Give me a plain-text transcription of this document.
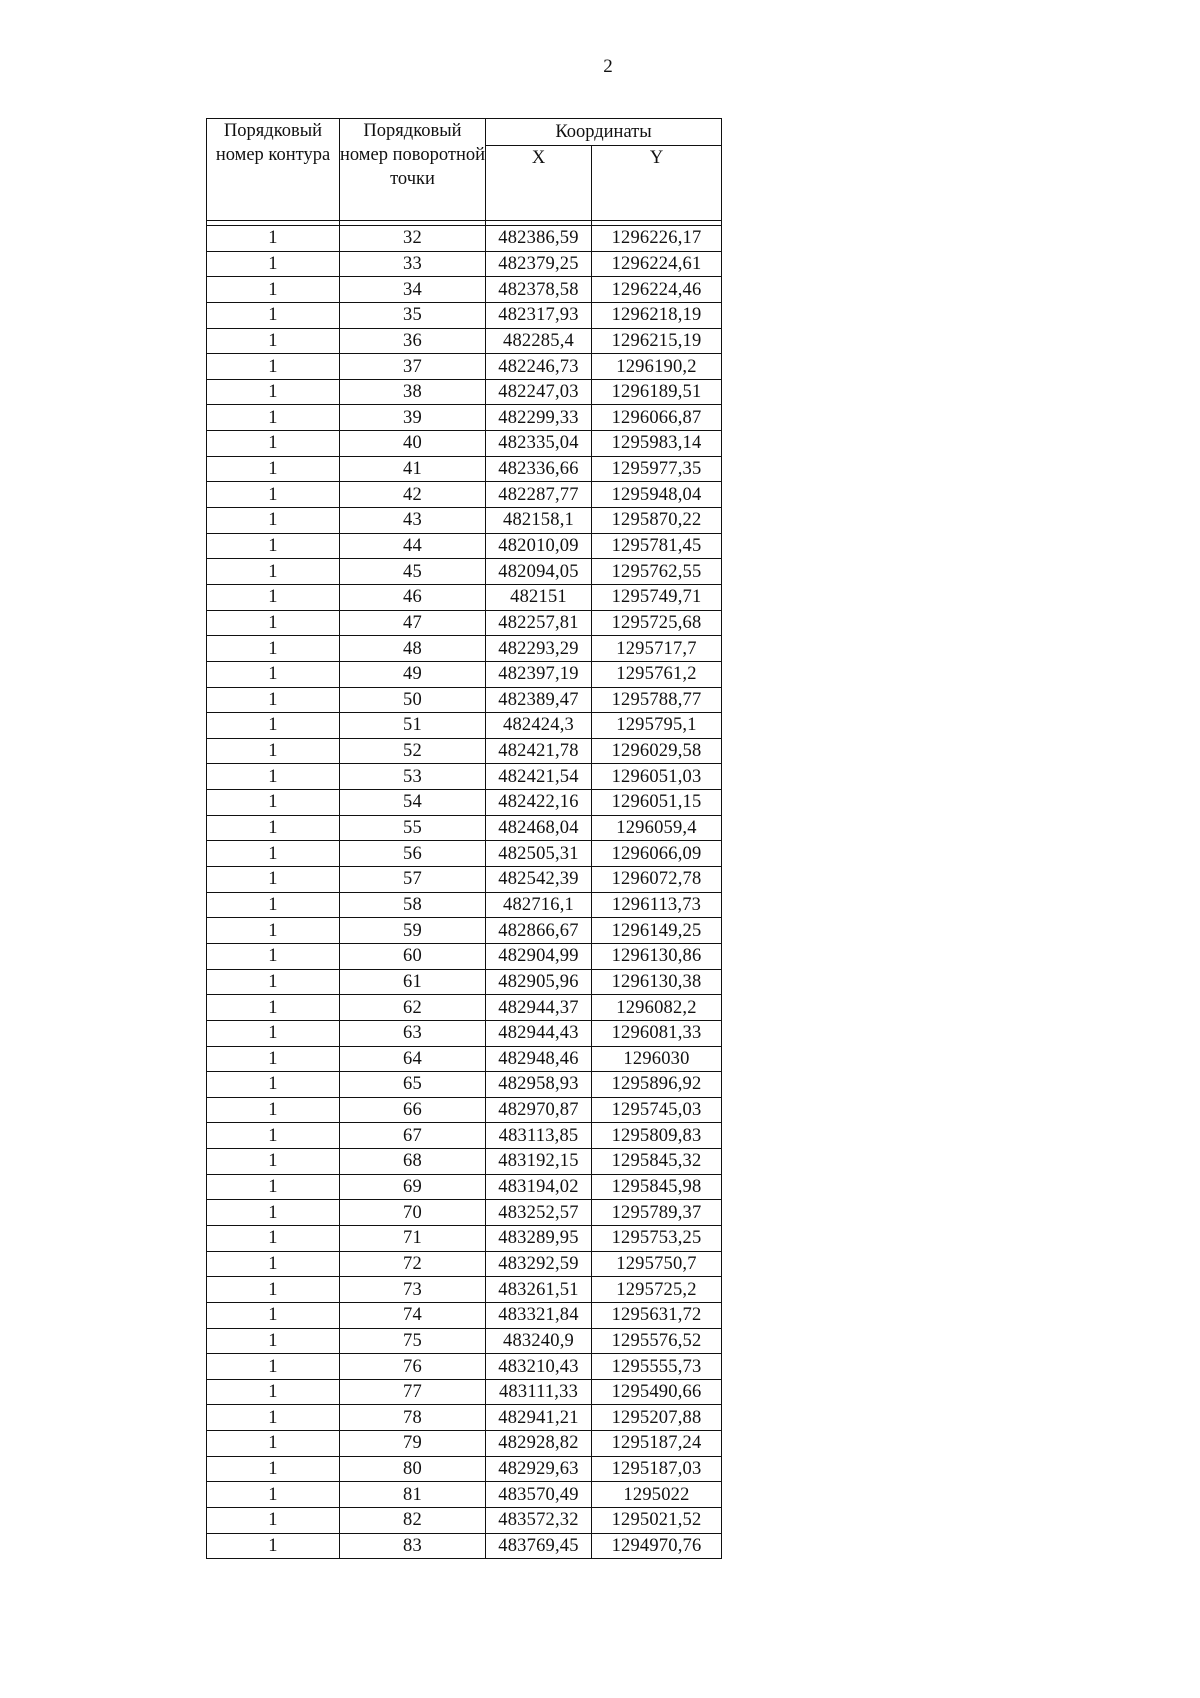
2
Порядковый номер контура	Порядковый номер поворотной точки	Координаты	
		X	Y

1	32	482386,59	1296226,17
1	33	482379,25	1296224,61
1	34	482378,58	1296224,46
1	35	482317,93	1296218,19
1	36	482285,4	1296215,19
1	37	482246,73	1296190,2
1	38	482247,03	1296189,51
1	39	482299,33	1296066,87
1	40	482335,04	1295983,14
1	41	482336,66	1295977,35
1	42	482287,77	1295948,04
1	43	482158,1	1295870,22
1	44	482010,09	1295781,45
1	45	482094,05	1295762,55
1	46	482151	1295749,71
1	47	482257,81	1295725,68
1	48	482293,29	1295717,7
1	49	482397,19	1295761,2
1	50	482389,47	1295788,77
1	51	482424,3	1295795,1
1	52	482421,78	1296029,58
1	53	482421,54	1296051,03
1	54	482422,16	1296051,15
1	55	482468,04	1296059,4
1	56	482505,31	1296066,09
1	57	482542,39	1296072,78
1	58	482716,1	1296113,73
1	59	482866,67	1296149,25
1	60	482904,99	1296130,86
1	61	482905,96	1296130,38
1	62	482944,37	1296082,2
1	63	482944,43	1296081,33
1	64	482948,46	1296030
1	65	482958,93	1295896,92
1	66	482970,87	1295745,03
1	67	483113,85	1295809,83
1	68	483192,15	1295845,32
1	69	483194,02	1295845,98
1	70	483252,57	1295789,37
1	71	483289,95	1295753,25
1	72	483292,59	1295750,7
1	73	483261,51	1295725,2
1	74	483321,84	1295631,72
1	75	483240,9	1295576,52
1	76	483210,43	1295555,73
1	77	483111,33	1295490,66
1	78	482941,21	1295207,88
1	79	482928,82	1295187,24
1	80	482929,63	1295187,03
1	81	483570,49	1295022
1	82	483572,32	1295021,52
1	83	483769,45	1294970,76
